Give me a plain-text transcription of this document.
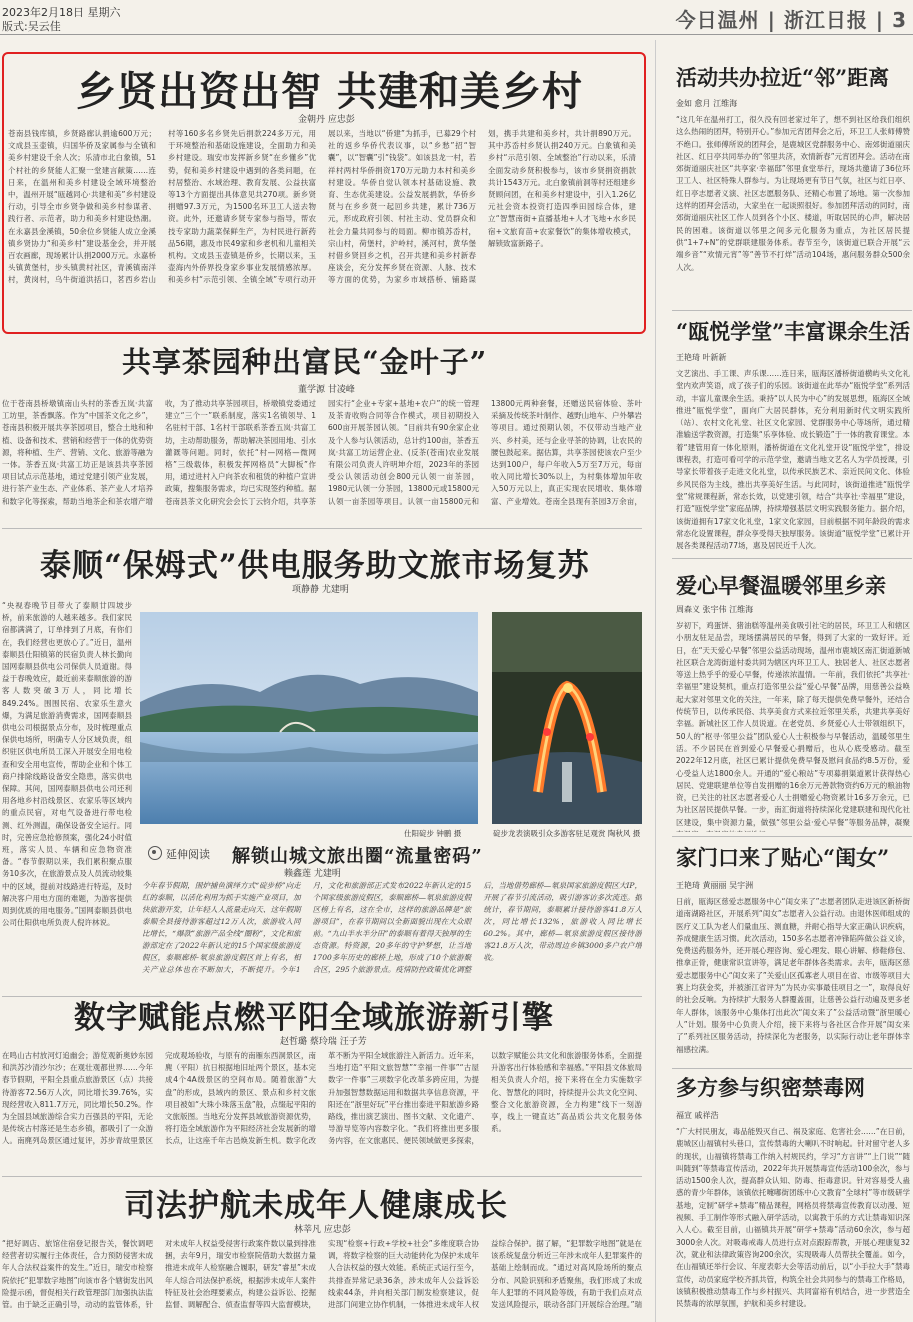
2023年2月18日 星期六
版式:吴云佳	今日温州 | 浙江日报 | 3
乡贤出资出智 共建和美乡村
金朝丹 应忠彭
苍南县钱库镇，乡贤路廊认捐逾600万元；文成县玉壶镇，归国华侨及家属参与全镇和美乡村建设千余人次；乐清市北白象镇，51个村社的乡贤能人汇聚一堂建言献策……连日来，在温州和美乡村建设全域环境整治中，温州开展“瓯越同心·共建和美”乡村建设行动，引导全市乡贤争做和美乡村参谋者、践行者、示范者，助力和美乡村建设热潮。在永嘉县金溪镇，50余位乡贤能人成立金溪镇乡贤协力“和美乡村”建设基金会，并开展百农画廊，现场累计认捐2000万元。永嘉桥头镇黄堡村，步头镇黄村社区，青溪镇南洋村，黄岗村，乌牛街道洪括口，茗西乡岩山村等160多名乡贤先后捐款224多万元，用于环境整治和基础设施建设，全面助力和美乡村建设。瑞安市发挥新乡贤“在乡懂乡”优势，促和美乡村建设中遇到的各类问题，在村居整治、水域治理、教育发展、公益扶富等13个方面提出具体意见共270项。新乡贤捐赠97.3万元，为1500名环卫工人送去物资。此外，还邀请乡贤专家参与指导，帮农技专家助力蔬菜保鲜生产，为村民进行新药品56期，惠及市民49家和乡老机和儿童相关机构。文成县玉壶镇是侨乡，长期以来，玉壶海内外侨界投身家乡事业发展情感浓厚。和美乡村“示范引领、全镇全域”专项行动开展以来，当地以“侨建”为抓手，已募29个村社的返乡华侨代表议事，以“乡愁”招“智囊”，以“智囊”引“钱袋”。如该县龙一村，若祥村两村华侨捐资170万元助力本村和美乡村建设。华侨自觉认领本村基础设施、教育、生态优美建设。公益发展捐款，华侨乡贤与在乡乡贤一起回乡共建，累计736万元，形成政府引领、村社主动、党员群众和社会力量共同参与的局面。柳市镇苏岙村，宗山村，荷堡村，沪岭村，溪河村，黄华堡村借乡贤回乡之机，召开共建和美乡村新春座谈会，充分发挥乡贤在资源、人脉、技术等方面的优势，为家乡市域搭桥、铺路谋划，携手共建和美乡村，共计捐890万元。其中苏岙村乡贤认捐240万元。白象镇和美乡村“示范引领、全域整治”行动以来，乐清全面发动乡贤积极参与，该市乡贤捐资捐款共计1543万元。北白象镇前洞等村还组建乡贤顾问团，在和美乡村建设中，引入1.26亿元社会资本投资打造四季田园综合体，建立“智慧南街+直播基地+人才飞地+水乡民宿+文旅育苗+农家餐饮”的集体增收模式，解锁致富新路子。
共享茶园种出富民“金叶子”
董学源 甘凌峰
位于苍南县桥墩镇南山头村的茶香五岚·共富工坊里，茶香飘落。作为“中国茶文化之乡”，苍南县积极开展共享茶园项目，整合土地和种植、设备和技术、营销和经营于一体的优势资源，将种植、生产、营销、文化、旅游等融为一体。茶香五岚·共富工坊正是该县共享茶园项目试点示范基地，通过党建引领产业发展，进行茶产业生态、产业体系、茶产业人才培养和数字化等探索，帮助当地茶企和茶农增产增收，为了推动共享茶园项目，桥墩镇党委通过建立“三个一”联系制度，落实1名镇领导、1名驻村干部、1名村干部联系茶香五岚·共富工坊，主动帮助服务，帮助解决茶园用地、引水灌溉等问题。同时，依托“村—网格—微网格”三级载体，积极发挥网格员“大脚板”作用，通过进村入户向茶农和租赁的种植户宣讲政策，搜集服务需求，均已实现签约种植。据苍南县茶文化研究会会长丁云钧介绍，共享茶园实行“企业+专家+基地+农户”的统一管理及茶青收购合同等合作模式，项目初期投入600亩开展茶园认领。“目前共有90余家企业及个人参与认领活动，总计约100亩，茶香五岚·共富工坊运营企业、(反茶(苍南)农业发展有限公司负责人许明坤介绍，2023年的茶园受公认领活动创会800元认领一亩茶园，1980元认领一分茶园，13800元或15800元认领一亩茶园等项目。认领一亩15800元和13800元两种套餐，还赠送民宿体验、茶叶采摘及传统茶叶制作、越野山地车、户外攀岩等项目。通过预期认领，不仅带动当地产业兴、乡村美，还与企业寻茶的协调，让农民的腰包鼓起来。据估算，共享茶园使该农户至少达到100户，每户年收入5万至7万元，每亩收入同比增长30%以上，为村集体增加年收入50万元以上，真正实现农民增收、集体增富、产业增效。苍南全县现有茶园3万余亩，
泰顺“保姆式”供电服务助文旅市场复苏
项静静 尤建明
“央视春晚节目带火了泰顺廿四坡步桥，前来旅游的人越来越多。我们家民宿都满满了，订单排到了月底，有你们在，我们经营也更放心了。”近日，温州泰顺县仕阳镇第的民宿负责人林长勤向国网泰顺县供电公司保供人员道谢。得益于春晚效应，最近前来泰顺旅游的游客人数突破3万人，同比增长849.24%。围围民宿、农家乐生意火爆，为满足旅游消费需求，国网泰顺县供电公司根据景点分布，及时梳理重点保供电场所，明确专人分区域负责，组织驻区供电所员工深入开展安全用电检查和安全用电宣传，帮助企业和个体工商户排除线路设备安全隐患，落实供电保障。其间，国网泰顺县供电公司还利用各地乡村沿线景区、农家乐等区域内的重点民宿，对电气设备进行带电检测、红外测温，确保设备安全运行。同时，完善应急抢修预案，强化24小时值班，落实人员、车辆和应急物资准备。“春节假期以来，我们累积聚点服务10多次，在旅游景点及人员流动较集中的区域，提前对线路进行特巡，及时解决客户用电方面的难题，为游客提供周到优质的用电服务。”国网泰顺县供电公司仕阳供电所负责人倪许林说。
仕阳碇步 钟鹏 摄	碇步龙表演吸引众多游客驻足观赏 陶秋风 摄
延伸阅读 解锁山城文旅出圈“流量密码”
赖鑫莲 尤建明
今年春节假期，围炉捕鱼演绎方式“碇步桥”向走红的泰顺，以活化利用为抓手实施产业项目，加快旅游开发，让年轻人人流量走向天、这年假期泰顺全县接待游客超过12万人次，旅游收入同比增长，“爆款”旅游产品全线“圈粉”，文化和旅游部定在了2022年新认定的15个国家级旅游度假区，泰顺廊桥·氡泉旅游度假区首上有名，相关产业总体也在不断加大，不断提升。今年1月，文化和旅游部正式发布2022年新认定的15个国家级旅游度假区，泰顺廊桥—氡泉旅游度假区榜上有名，这在全市，这样的旅游品牌是“旅游项目”，在春节期间以全新面貌出现在大众眼前。“九山半水半分田”的泰顺有着得天独厚的生态资源。特资源，20多年的守护梦想，让当地1700多年历史的廊桥上地，形成了10个旅游聚合区，295个旅游景点。疫情防控政策优化调整后，当地借势廊桥—氡泉国家旅游度假区大IP，开展了春节引流活动，吸引游客访多次流连。据统计，春节期间，泰顺累计接待游客41.8万人次，同比增长132%，旅游收入同比增长60.2%。其中，廊桥—氡泉旅游度假区接待游客21.8万人次，带动周边乡镇3000多户农户增收。
数字赋能点燃平阳全域旅游新引擎
赵哲璐 蔡玲瑞 汪子芳
在鸣山古村放河灯追幽会；游览观新奥妙东园和洪苏沙清沙尔沙；在观壮观都世界……今年春节假期，平阳全县重点旅游景区（点）共接待游客72.56万人次，同比增长39.76%，实现经营收入811.7万元，同比增长50.2%。作为全国县域旅游综合实力百强县的平阳，无论是传统古村落还是生态乡镇，都吸引了一众游人。南麂列岛景区通过复评，苏步青故里景区完成观场验收，与原有的南雁东西洞景区，南麂（平阳）抗日根据地旧址两个景区，基本完成4个4A级景区的空间布局。随着旅游“大盘”的形成，县域内的景区、景点和乡村文旅项目被如“大珠小珠落玉盘”般，点缀起平阳的文旅版图。当地充分发挥县域旅游资源优势，将打造全域旅游作为平阳经济社会发展新的增长点，让这座千年古邑焕发新生机。数字化改革不断为平阳全域旅游注入新活力。近年来，当地打造“平阳文旅智慧”“幸福一件事”“古屋数字一件事”三项数字化改革多跨应用，为提升加强智慧数据运用和数据共享信息资源，平阳还在“浙里好玩”平台推出泰进平阳旅游乡路路线，推出演艺演出、图书文献、文化遗产、导游导览等内容数字化。“我们将推出更多服务内容，在文旅惠民、便民领域做更多探索，以数字赋能公共文化和旅游服务体系，全面提升游客出行体验感和幸福感。”平阳县文体旅局相关负责人介绍，接下来将在全力实施数字化、智慧化的同时，持续提升公共文化空间、整合文化旅游资源，全力构建“线下一刻游享，线上一键直达”高品质公共文化服务体系。
司法护航未成年人健康成长
林莘凡 应忠彭
“把好调店、旅馆住宿登记报告关，餐饮调吧经营者切实履行主体责任，合力预防侵害未成年人合法权益案件的发生。”近日，瑞安市检察院依托“犯罪数字地图”向该市各个辖街发出风险提示函，督促相关行政管理部门加强执法监管。由于缺乏正确引导，动动的监管体系，针对未成年人权益受侵害行政案件数以量到排准捆，去年9月，瑞安市检察院借助大数据力量推进未成年人检察融合履职，研发“睿星”未成年人综合司法保护系统，根据涉未成年人案件特征及社会治理要素点，构建公益诉讼、挖掘监督、调解配合、侦查监督等四大监督模块，实现“检察+行政+学校+社会”多维度联合协调，将数字检察的巨大动能转化为保护未成年人合法权益的强大效能。系统正式运行至今，共排查异常记录36条，涉未成年人公益诉讼线索44条，并向相关部门制发检察建议，促进部门间建立协作机制，一体推进未成年人权益综合保护。据了解，“犯罪数字地图”就是在该系统复盘分析近三年涉未成年人犯罪案件的基础上绘制而成。“通过对高风险场所的聚点分布、风险识别和矛盾聚焦，我们形成了未成年人犯罪的不同风险等级，有助于我们点对点发送风险提示，联动各部门开展综合治理。”瑞
活动共办拉近“邻”距离
金如 愈月 江维海
“这几年在温州打工，很久没有回老家过年了，想不到社区给我们组织这么热闹的团拜，特别开心。”参加元宵团拜会之后，环卫工人张师傅赞不绝口。张师傅所说的团拜会，是鹿城区党群服务中心、南郊街道丽庆社区、红日亭共同举办的“邻里共济，欢情新春”元宵团拜会。活动在南郊街道丽庆社区“共享家·幸福邸”邻里食堂举行，现场共邀请了36位环卫工人、社区特殊人群参与。为让现场更有节日气氛，社区与红日亭、红日亭志愿者义演、社区志愿服务队、还精心布置了场地。第一次参加这样的团拜会活动，大家坐在一起谈照很好。参加团拜活动的同时，南郊街道丽庆社区工作人员到各个小区、楼道，听取居民的心声，解决居民的困难。该街道以邻里之间多元化服务为重点，为社区居民提供“1+7+N”的党群联建服务体系。春节至今，该街道已联合开展“云端乡音”“欢情元宵”等“善节不打烊”活动104场，惠问服务群众500余人次。
“瓯悦学堂”丰富课余生活
王艳琦 叶新新
文艺演出、手工课、声乐课……连日来，瓯海区潘桥街道横屿头文化礼堂内欢声笑语，成了孩子们的乐园。该街道在此举办“瓯悦学堂”系列活动，丰富儿童课余生活。秉持“以人民为中心”的发展思想，瓯海区全域推进“瓯悦学堂”，面向广大居民群体，充分利用新时代文明实践所（站）、农村文化礼堂、社区文化家园、党群服务中心等场所，通过精准输送学教资源，打造集“乐享体验、成长锻造”于一体的教育课堂。本着“建管用育一体化原则，潘桥街道在文化礼堂开设“瓯悦学堂”，排设课程表，打造可看可学的示范学堂，邀请当地文艺名人为学员授课，引导家长带着孩子走进文化礼堂，以传承民族艺术、亲近民间文化、体验乡风民俗为主线，推出共享美好生活。与此同时，该街道推进“瓯悦学堂”常规课程新，常态长效，以党建引领，结合“共享社·幸福里”建设，打造“瓯悦学堂”家庭品牌，持续增强基层文明实践服务能力。据介绍，该街道拥有17家文化礼堂，1家文化家园，目前根据不同年龄段的需求常态化设置课程，群众享受得天独厚服务。该街道“瓯悦学堂”已累计开展各类课程活动77场，惠及居民近千人次。
爱心早餐温暖邻里乡亲
周森义 张宇伟 江维海
岁初下，鸡蛋饼、猪油糕等温州美食吸引社宅的居民，环卫工人和辖区小朋友驻足品尝，现场摆满居民的早餐，得到了大家的一致好评。近日，在“天天爱心早餐”邻里公益活动现场，温州市鹿城区南汇街道新城社区联合龙湾街道村委共同为辖区内环卫工人、独居老人、社区志愿者等送上热乎乎的爱心早餐，传递浓浓温情。一年前，我们依托“共享社·幸福里”建设契机，重点打造邻里公益“爱心早餐”品牌，用慈善公益唤起大家对邻里文化的关注，一年来，除了每天提供免费早餐外，还结合传统节日，以传承民俗、共享美食方式来拉近邻里关系，共建共享美好幸福。新城社区工作人员说道。在老党员、乡贤爱心人士带领组织下，50人的“枢寻·邻里公益”团队爱心人士积极参与早餐活动，温暖邻里生活。不少居民在首到爱心早餐爱心捐赠后，也从心底受感动。截至2022年12月底，社区已累计提供免费早餐及慰问食品约8.5万份，爱心受益人达1800余人。开通的“爱心粮站”专项募捐渠道累计获得热心居民、党建联建单位等自发捐赠的16余万元善款物资约6万元的粮油物资，已关注的社区志愿者爱心人士捐赠爱心物资累计16多万余元，已为社区居民提供早餐。一步，南汇街道将持续深化党建联建和现代化社区建设，集中资源力量，做强“邻里公益·爱心早餐”等服务品牌，凝聚
家门口来了贴心“闺女”
王艳琦 黄丽丽 吴宇洲
日前，瓯海区慈爱志愿服务中心“闺女来了”志愿者团队走进该区新桥街道南湖路社区，开展系列“闺女”志愿者入公益行动。由退休医师组成的医疗义工队为老人们量血压、测血糖，并耐心指导大家正确认识疾病，养成健康生活习惯。此次活动，150多名志愿者冲锋陷阵做公益义诊，免费送药服务外，还开展心理咨询、爱心理发、眼心讲解、修鞋修包、推拿正骨，健康常识宣讲等，满足老年群体各类需求。去年，瓯海区慈爱志愿服务中心“闺女来了”关爱山区孤寡老人项目在省、市级等项目大赛上均获金奖，并被浙江省评为“为民办实事最佳项目之一”，取得良好的社会反响。为持续扩大服务人群覆盖面，让慈善公益行动遍及更多老年人群体，该服务中心集体打出此次“闺女来了”公益活动暨“浙里暖心人”计划。服务中心负责人介绍，接下来将与各社区合作开展“闺女来了”系列社区服务活动，持续深化为老服务，以实际行动让老年群体幸福感拉满。
多方参与织密禁毒网
福宣 戚祥浩
“广大村民朋友，毒品能毁灭自己、祸及家庭、危害社会……”在日前，鹿城区山福镇村头巷口，宣传禁毒的大喇叭不时响起。针对留守老人多的现状，山福镇将禁毒工作纳入村规民约，学习“方言讲”“上门说”“随叫随到”等禁毒宣传活动，2022年共开展禁毒宣传活动100余次，参与活动1500余人次，提高群众认知、防毒、拒毒意识。针对容易受人蛊惑的青少年群体，该镇依托嚏嘟街团练中心文教育“全球村”等市级研学基地，定制“研学+禁毒”精品课程，网格员将禁毒宣传教育以动漫、短视频、手工制作等形式融入研学活动，以寓教于乐的方式让禁毒知识深入人心。截至目前，山福镇共开展“研学+禁毒”活动60余次，参与超3000余人次。对吸毒戒毒人员进行点对点跟踪帮教，开展心理康复32次，就业和法律政策咨询200余次，实现吸毒人员帮扶全覆盖。如今，在山福镇还举行会议、年度表彰大会等活动前后，以“小手拉大手”禁毒宣传，动员家庭学校齐抓共管，构筑全社会共同参与的禁毒工作格局，该镇积极推动禁毒工作与乡村振兴、共同富裕有机结合，进一步营造全民禁毒的浓厚氛围，护航和美乡村建设。
